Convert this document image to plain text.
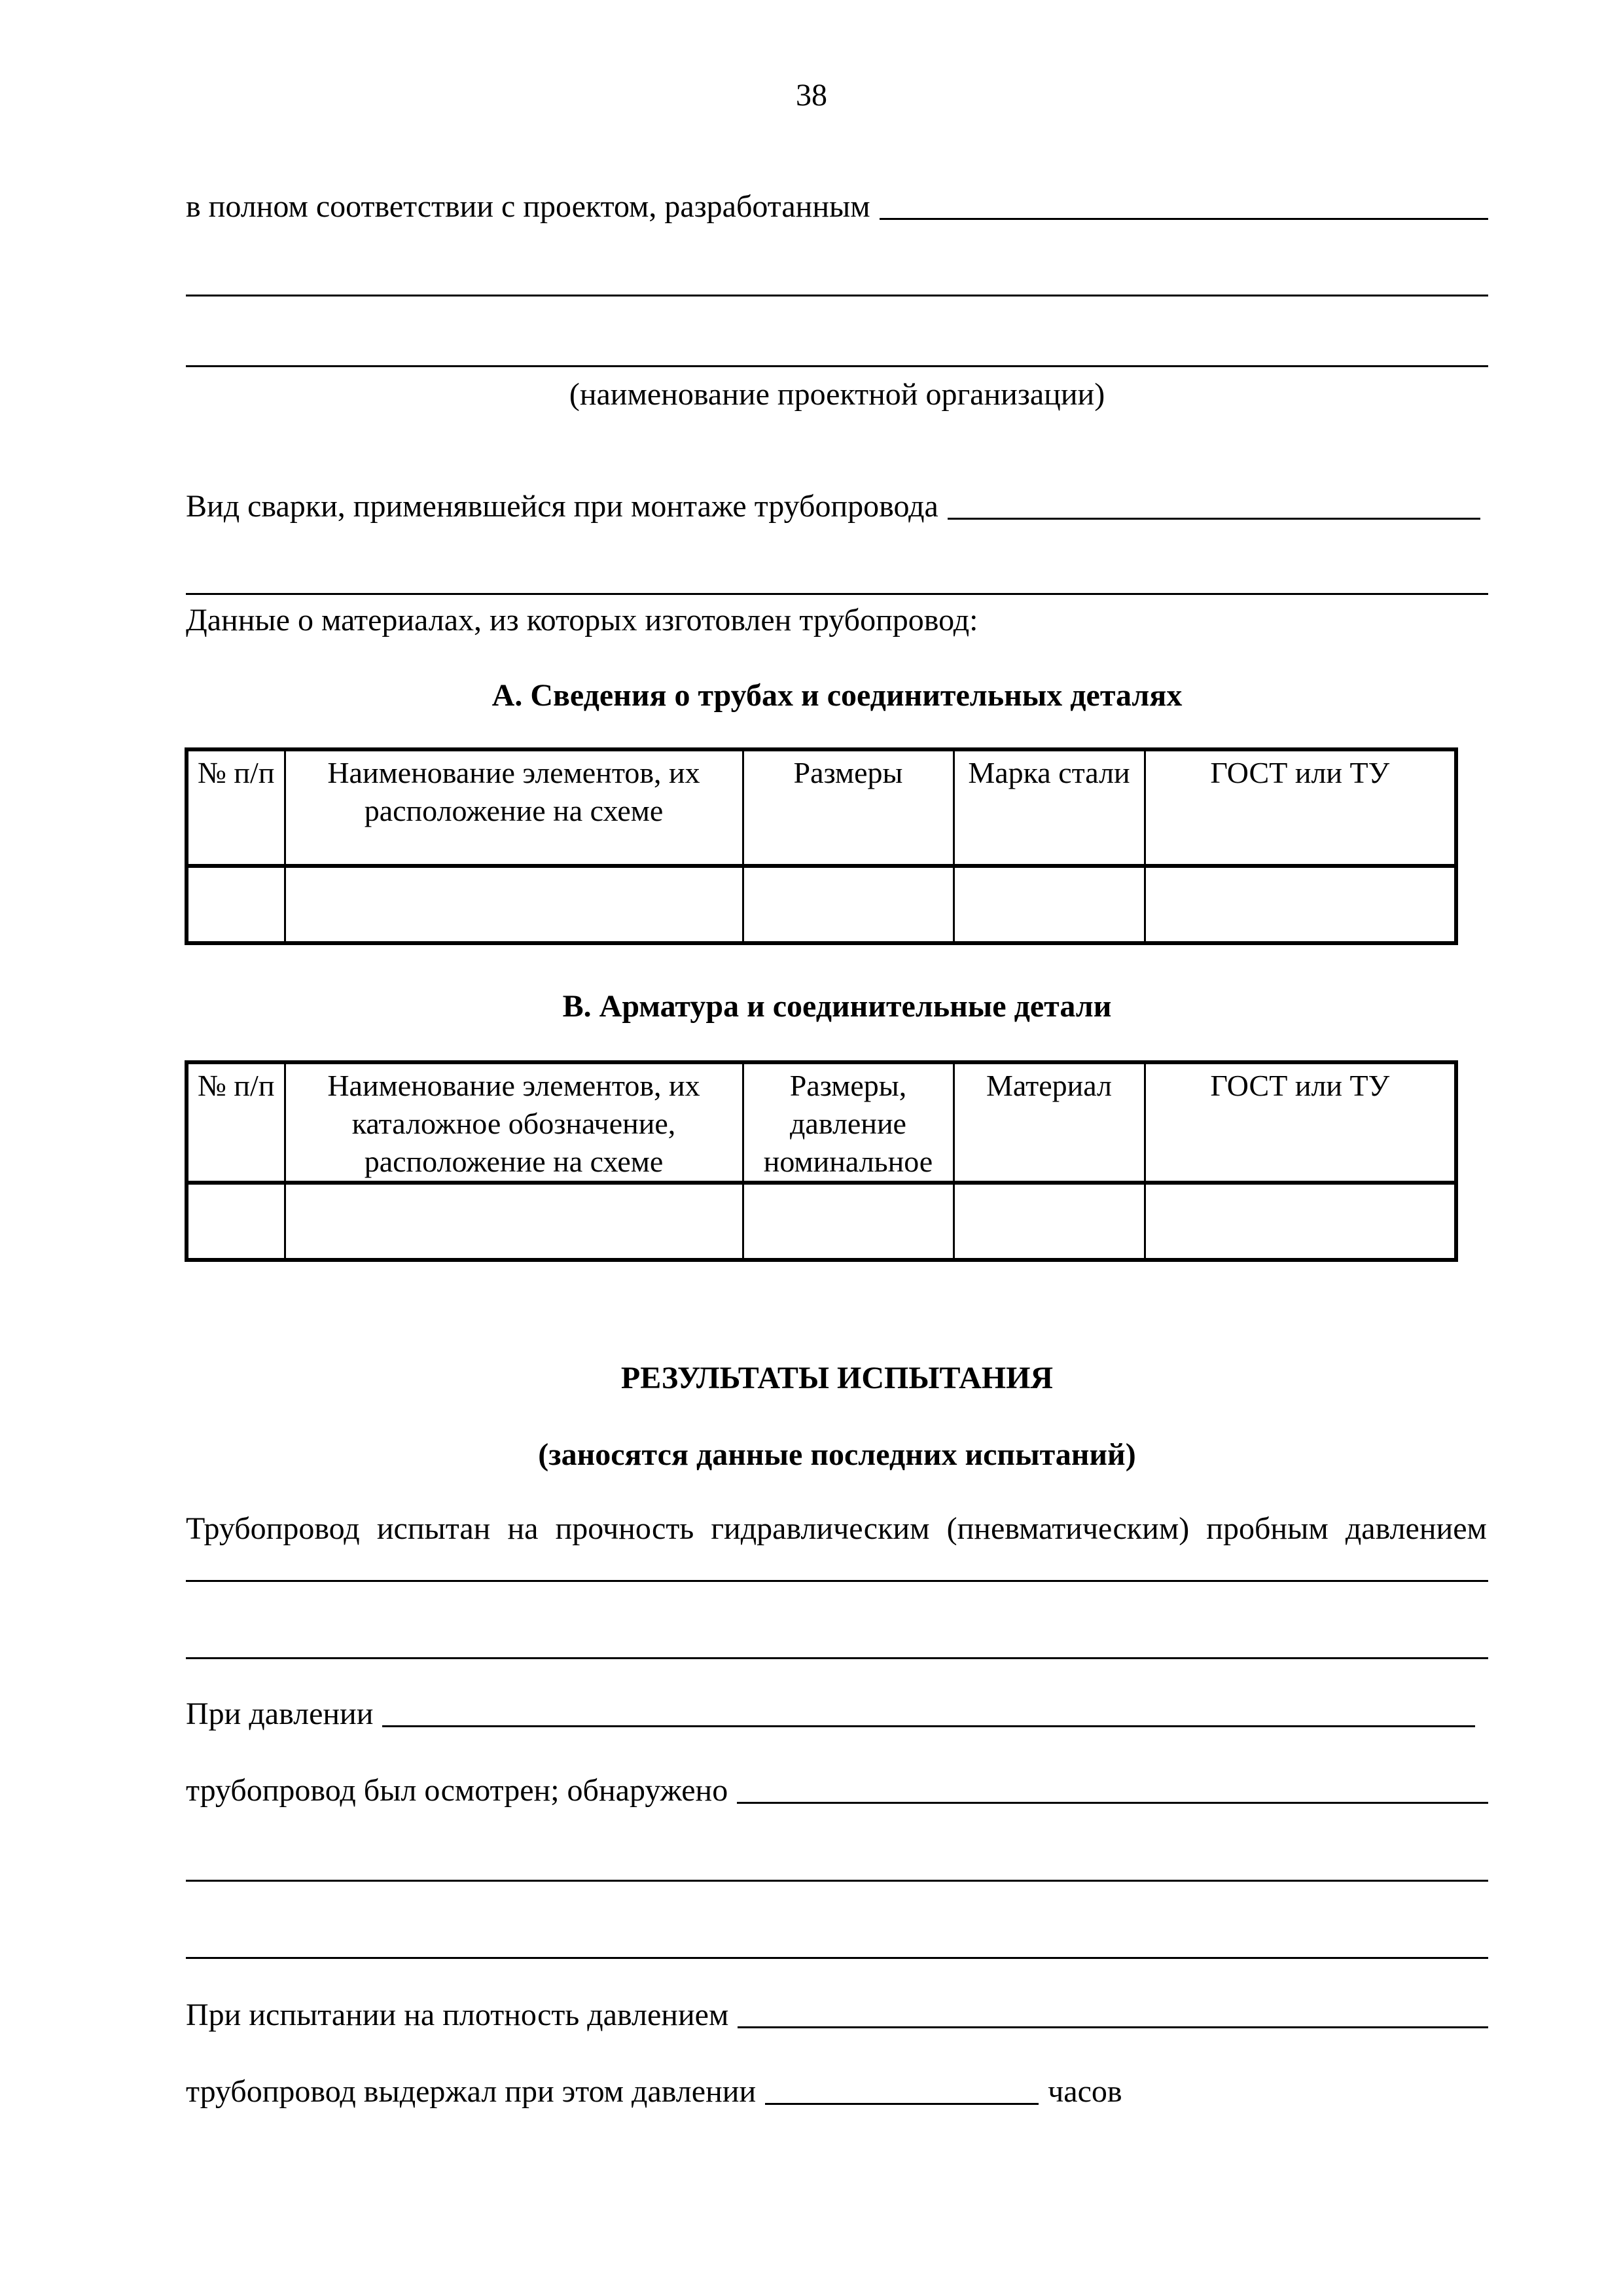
38
в полном соответствии с проектом, разработанным
(наименование проектной организации)
Вид сварки, применявшейся при монтаже трубопровода
Данные о материалах, из которых изготовлен трубопровод:
А. Сведения о трубах и соединительных деталях
№ п/п	Наименование элементов, их расположение на схеме	Размеры	Марка стали	ГОСТ или ТУ

В. Арматура и соединительные детали
№ п/п	Наименование элементов, их каталожное обозначение, расположение на схеме	Размеры, давление номинальное	Материал	ГОСТ или ТУ

РЕЗУЛЬТАТЫ ИСПЫТАНИЯ
(заносятся данные последних испытаний)
Трубопровод испытан на прочность гидравлическим (пневматическим) пробным давлением
При давлении
трубопровод был осмотрен; обнаружено
При испытании на плотность давлением
трубопровод выдержал при этом давлении	часов
